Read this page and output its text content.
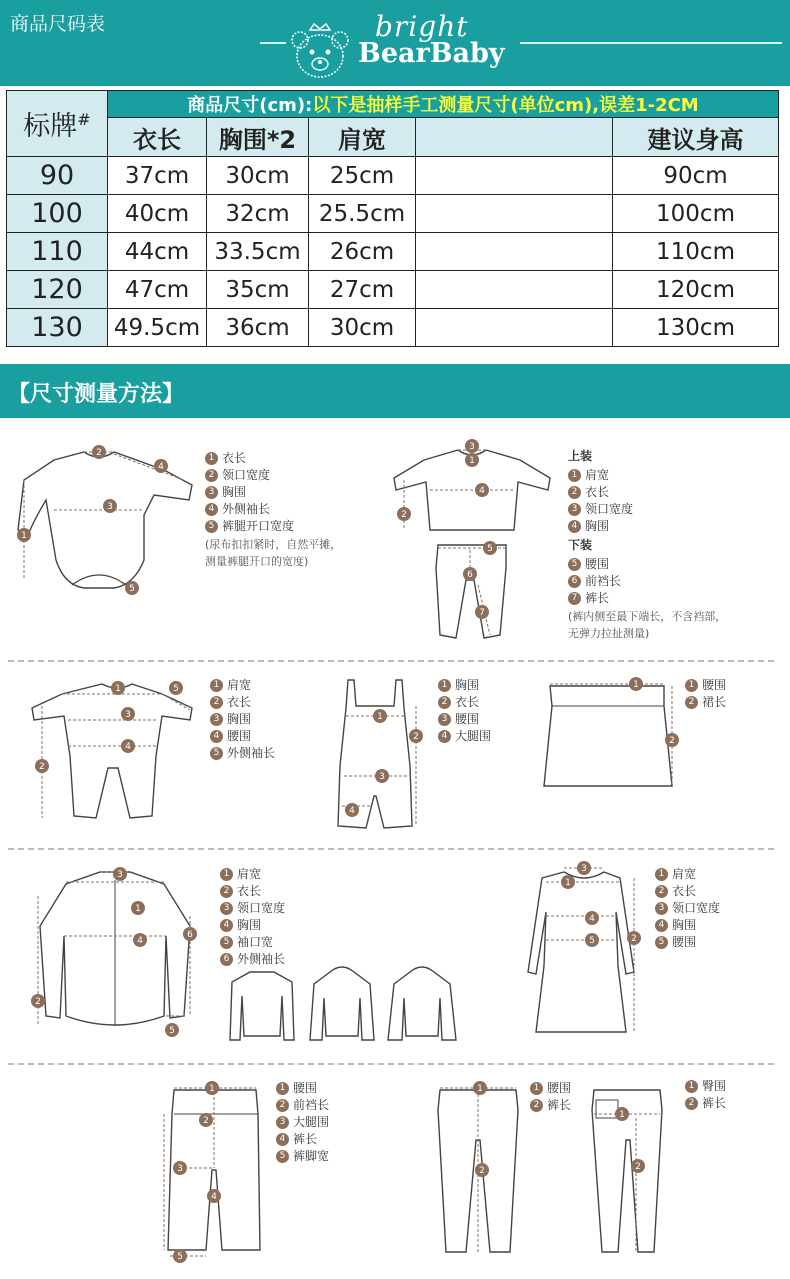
商品尺码表	bright
BearBaby
标牌#	商品尺寸(cm):以下是抽样手工测量尺寸(单位cm),误差1-2CM				
	衣长	胸围*2	肩宽		建议身高
90	37cm	30cm	25cm		90cm
100	40cm	32cm	25.5cm		100cm
110	44cm	33.5cm	26cm		110cm
120	47cm	35cm	27cm		120cm
130	49.5cm	36cm	30cm		130cm
【尺寸测量方法】
1
2
3
4
5
1 衣长
2 领口宽度
3 胸围
4 外侧袖长
5 裤腿开口宽度
(尿布扣扣紧时，自然平摊，
测量裤腿开口的宽度)
3
1
2
4
5
6
7
上装
1 肩宽
2 衣长
3 领口宽度
4 胸围
下装
5 腰围
6 前裆长
7 裤长
(裤内侧至最下端长，不含裆部，
无弹力拉扯测量)
1
2
3
4
5	1 肩宽
2 衣长
3 胸围
4 腰围
5 外侧袖长
1
2
3
4
1 胸围
2 衣长
3 腰围
4 大腿围
1
2
1 腰围
2 裙长
3
1
2
4
6
5
1 肩宽
2 衣长
3 领口宽度
4 胸围
5 袖口宽
6 外侧袖长
3
1
4
5	2
1 肩宽
2 衣长
3 领口宽度
4 胸围
5 腰围
1
2
3
4
5
1 腰围
2 前裆长
3 大腿围
4 裤长
5 裤脚宽
1
2
1 腰围
2 裤长
1
2
1 臀围
2 裤长
